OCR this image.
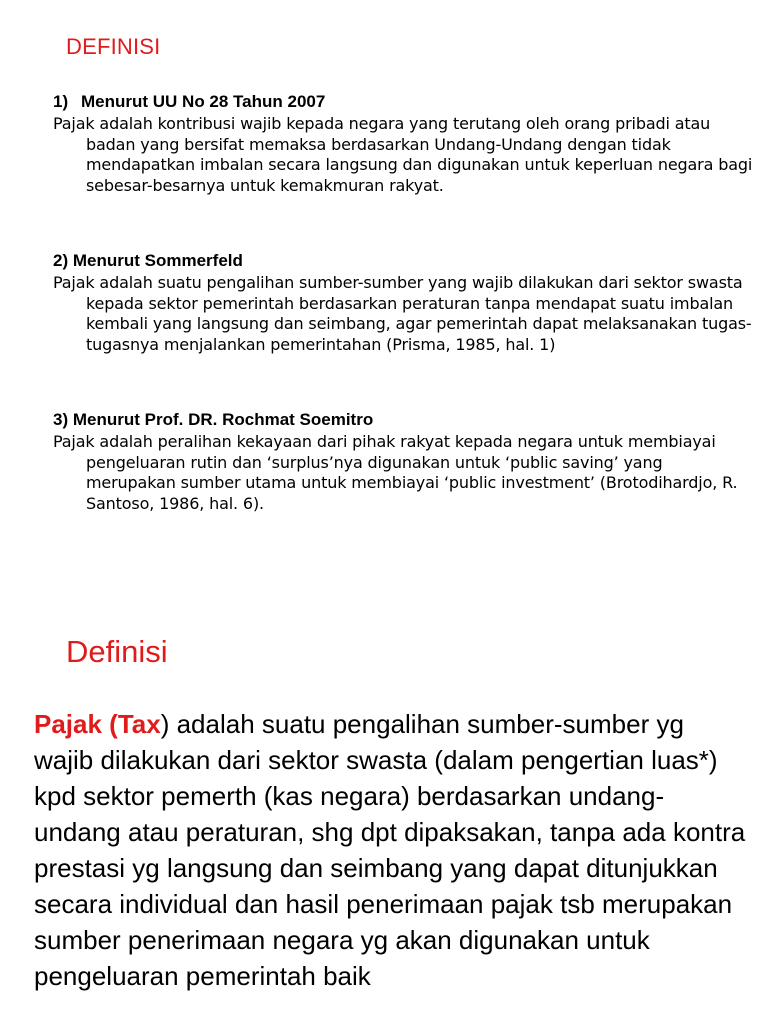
DEFINISI
1) Menurut UU No 28 Tahun 2007

Pajak adalah kontribusi wajib kepada negara yang terutang oleh orang pribadi atau badan yang bersifat memaksa berdasarkan Undang-Undang dengan tidak mendapatkan imbalan secara langsung dan digunakan untuk keperluan negara bagi sebesar-besarnya untuk kemakmuran rakyat.

2) Menurut Sommerfeld

Pajak adalah suatu pengalihan sumber-sumber yang wajib dilakukan dari sektor swasta kepada sektor pemerintah berdasarkan peraturan tanpa mendapat suatu imbalan kembali yang langsung dan seimbang, agar pemerintah dapat melaksanakan tugas-tugasnya menjalankan pemerintahan (Prisma, 1985, hal. 1)

3) Menurut Prof. DR. Rochmat Soemitro

Pajak adalah peralihan kekayaan dari pihak rakyat kepada negara untuk membiayai pengeluaran rutin dan ‘surplus’nya digunakan untuk ‘public saving’ yang merupakan sumber utama untuk membiayai ‘public investment’ (Brotodihardjo, R. Santoso, 1986, hal. 6).

Definisi

Pajak (Tax) adalah suatu pengalihan sumber-sumber yg wajib dilakukan dari sektor swasta (dalam pengertian luas*) kpd sektor pemerth (kas negara) berdasarkan undang-undang atau peraturan, shg dpt dipaksakan, tanpa ada kontra prestasi yg langsung dan seimbang yang dapat ditunjukkan secara individual dan hasil penerimaan pajak tsb merupakan sumber penerimaan negara yg akan digunakan untuk pengeluaran pemerintah baik
